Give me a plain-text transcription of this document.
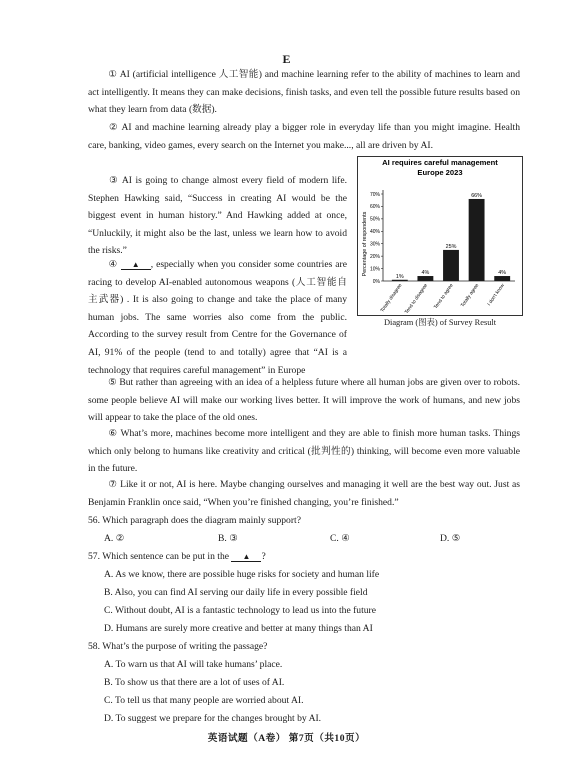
E

① AI (artificial intelligence 人工智能) and machine learning refer to the ability of machines to learn and act intelligently. It means they can make decisions, finish tasks, and even tell the possible future results based on what they learn from data (数据).

② AI and machine learning already play a bigger role in everyday life than you might imagine. Health care, banking, video games, every search on the Internet you make..., all are driven by AI.

③ AI is going to change almost every field of modern life. Stephen Hawking said, “Success in creating AI would be the biggest event in human history.” And Hawking added at once, “Unluckily, it might also be the last, unless we learn how to avoid the risks.”

④ ▲ , especially when you consider some countries are racing to develop AI-enabled autonomous weapons (人工智能自主武器) . It is also going to change and take the place of many human jobs. The same worries also come from the public. According to the survey result from Centre for the Governance of AI, 91% of the people (tend to and totally) agree that “AI is a technology that requires careful management” in Europe

AI requires careful management
Europe 2023
Percentage of respondents
0%
10%
20%
30%
40%
50%
60%
70%
1%
Totally disagree
4%
Tend to disagree
25%
Tend to agree
66%
Totally agree
4%
I don't know
Diagram (图表) of Survey Result

⑤ But rather than agreeing with an idea of a helpless future where all human jobs are given over to robots. some people believe AI will make our working lives better. It will improve the work of humans, and new jobs will appear to take the place of the old ones.

⑥ What’s more, machines become more intelligent and they are able to finish more human tasks. Things which only belong to humans like creativity and critical (批判性的) thinking, will become even more valuable in the future.

⑦ Like it or not, AI is here. Maybe changing ourselves and managing it well are the best way out. Just as Benjamin Franklin once said, “When you’re finished changing, you’re finished.”

56. Which paragraph does the diagram mainly support?

A. ②	B. ③	C. ④	D. ⑤

57. Which sentence can be put in the ▲ ?

A. As we know, there are possible huge risks for society and human life

B. Also, you can find AI serving our daily life in every possible field

C. Without doubt, AI is a fantastic technology to lead us into the future

D. Humans are surely more creative and better at many things than AI

58. What’s the purpose of writing the passage?

A. To warn us that AI will take humans’ place.

B. To show us that there are a lot of uses of AI.

C. To tell us that many people are worried about AI.

D. To suggest we prepare for the changes brought by AI.

英语试题（A卷） 第7页（共10页）
